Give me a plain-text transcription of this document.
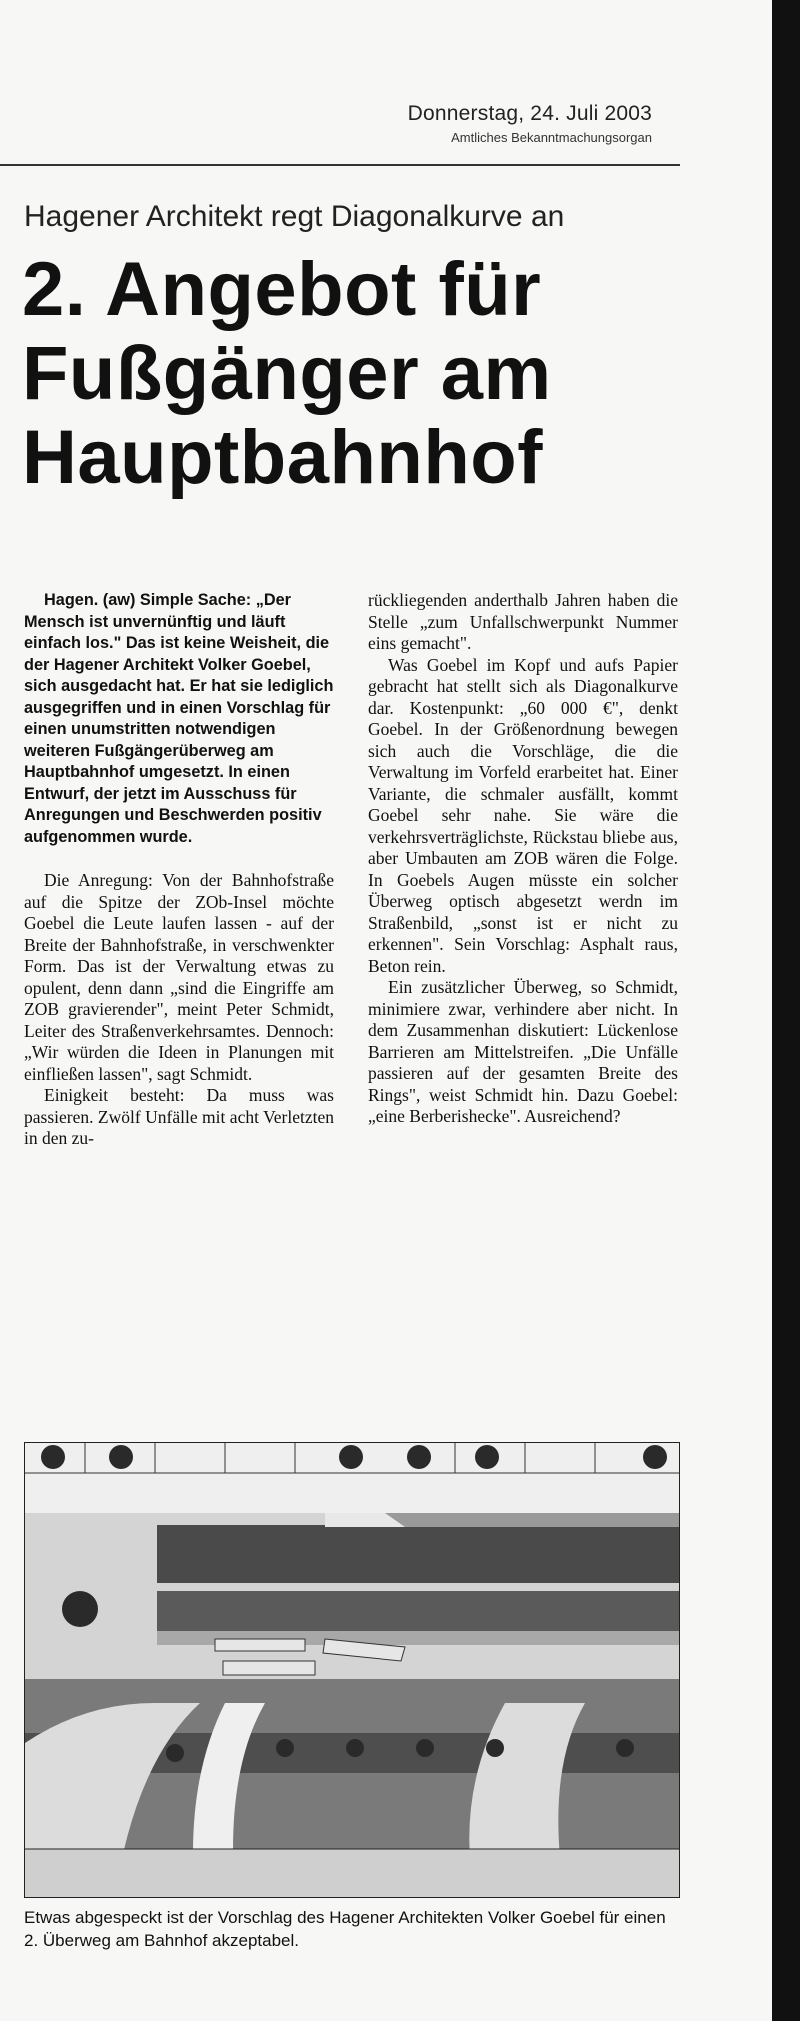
Donnerstag, 24. Juli 2003
Amtliches Bekanntmachungsorgan
Hagener Architekt regt Diagonalkurve an
2. Angebot für Fußgänger am Hauptbahnhof

Hagen. (aw) Simple Sache: „Der Mensch ist unvernünftig und läuft einfach los." Das ist keine Weisheit, die der Hagener Architekt Volker Goebel, sich ausgedacht hat. Er hat sie lediglich ausgegriffen und in einen Vorschlag für einen unumstritten notwendigen weiteren Fußgängerüberweg am Hauptbahnhof umgesetzt. In einen Entwurf, der jetzt im Ausschuss für Anregungen und Beschwerden positiv aufgenommen wurde.

Die Anregung: Von der Bahnhofstraße auf die Spitze der ZOb-Insel möchte Goebel die Leute laufen lassen - auf der Breite der Bahnhofstraße, in verschwenkter Form. Das ist der Verwaltung etwas zu opulent, denn dann „sind die Eingriffe am ZOB gravierender", meint Peter Schmidt, Leiter des Straßenverkehrsamtes. Dennoch: „Wir würden die Ideen in Planungen mit einfließen lassen", sagt Schmidt.

Einigkeit besteht: Da muss was passieren. Zwölf Unfälle mit acht Verletzten in den zu-

rückliegenden anderthalb Jahren haben die Stelle „zum Unfallschwerpunkt Nummer eins gemacht".

Was Goebel im Kopf und aufs Papier gebracht hat stellt sich als Diagonalkurve dar. Kostenpunkt: „60 000 €", denkt Goebel. In der Größenordnung bewegen sich auch die Vorschläge, die die Verwaltung im Vorfeld erarbeitet hat. Einer Variante, die schmaler ausfällt, kommt Goebel sehr nahe. Sie wäre die verkehrsverträglichste, Rückstau bliebe aus, aber Umbauten am ZOB wären die Folge. In Goebels Augen müsste ein solcher Überweg optisch abgesetzt werdn im Straßenbild, „sonst ist er nicht zu erkennen". Sein Vorschlag: Asphalt raus, Beton rein.

Ein zusätzlicher Überweg, so Schmidt, minimiere zwar, verhindere aber nicht. In dem Zusammenhan diskutiert: Lückenlose Barrieren am Mittelstreifen. „Die Unfälle passieren auf der gesamten Breite des Rings", weist Schmidt hin. Dazu Goebel: „eine Berberishecke". Ausreichend?

Etwas abgespeckt ist der Vorschlag des Hagener Architekten Volker Goebel für einen 2. Überweg am Bahnhof akzeptabel.
